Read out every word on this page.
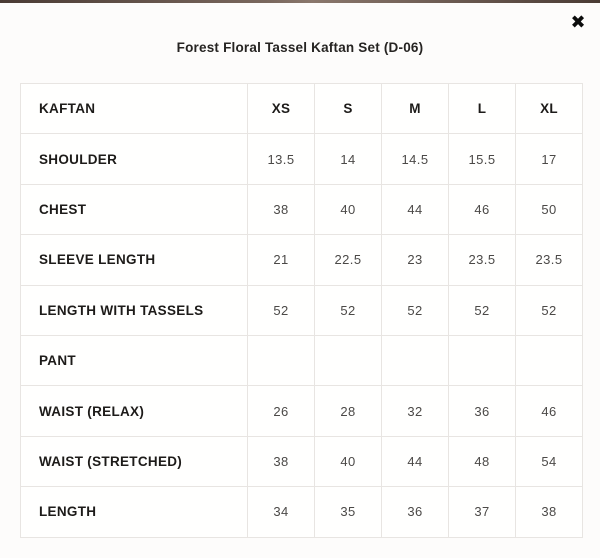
✖
Forest Floral Tassel Kaftan Set (D-06)
KAFTAN	XS	S	M	L	XL
SHOULDER	13.5	14	14.5	15.5	17
CHEST	38	40	44	46	50
SLEEVE LENGTH	21	22.5	23	23.5	23.5
LENGTH WITH TASSELS	52	52	52	52	52
PANT					
WAIST (RELAX)	26	28	32	36	46
WAIST (STRETCHED)	38	40	44	48	54
LENGTH	34	35	36	37	38
